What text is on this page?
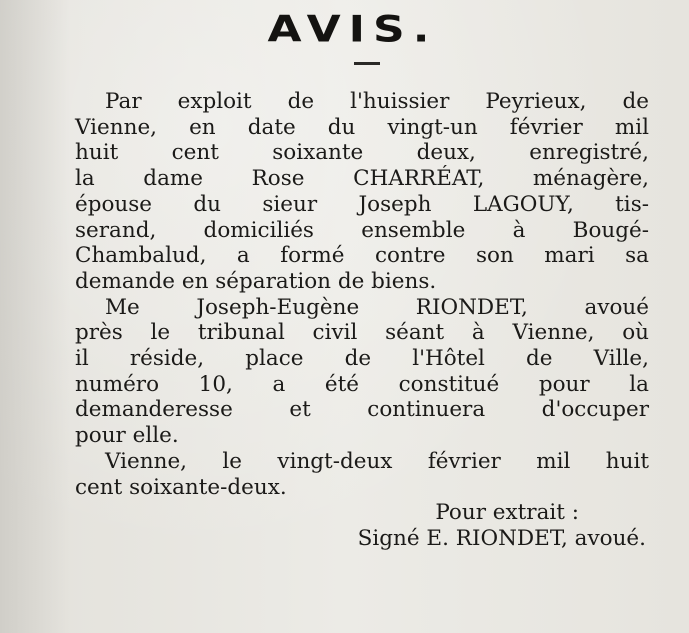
AVIS.
Par exploit de l'huissier Peyrieux, de
Vienne, en date du vingt-un février mil
huit cent soixante deux, enregistré,
la dame Rose CHARRÉAT, ménagère,
épouse du sieur Joseph LAGOUY, tis-
serand, domiciliés ensemble à Bougé-
Chambalud, a formé contre son mari sa
demande en séparation de biens.
Me Joseph-Eugène RIONDET, avoué
près le tribunal civil séant à Vienne, où
il réside, place de l'Hôtel de Ville,
numéro 10, a été constitué pour la
demanderesse et continuera d'occuper
pour elle.
Vienne, le vingt-deux février mil huit
cent soixante-deux.
Pour extrait :
Signé E. RIONDET, avoué.
